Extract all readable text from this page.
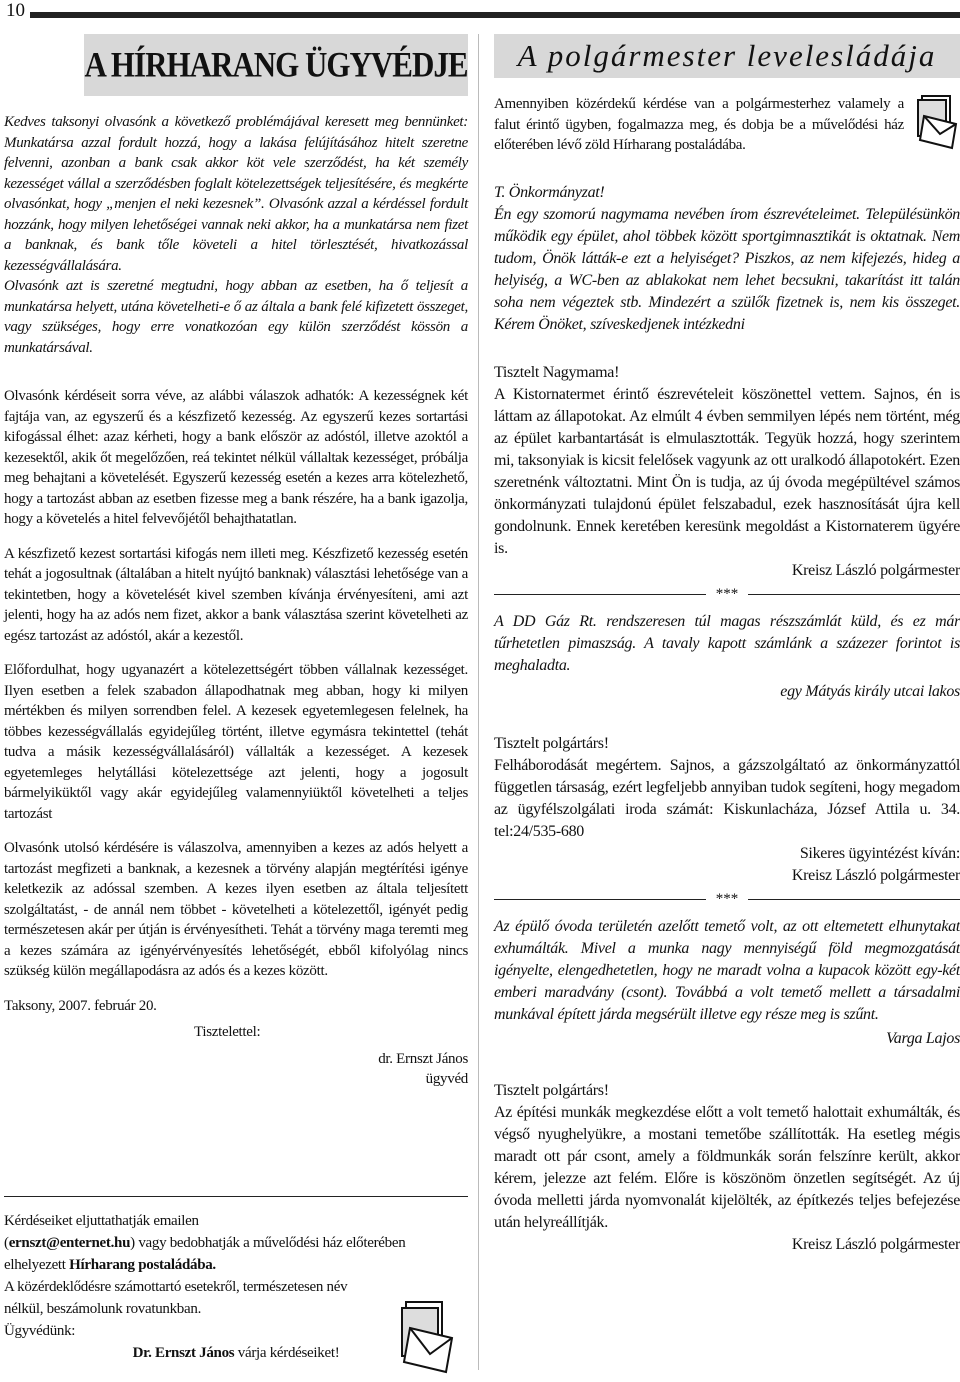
10
A HÍRHARANG ÜGYVÉDJE

Kedves taksonyi olvasónk a következő problémájával keresett meg bennünket: Munkatársa azzal fordult hozzá, hogy a lakása felújításához hitelt szeretne felvenni, azonban a bank csak akkor köt vele szerződést, ha két személy kezességet vállal a szerződésben foglalt kötelezettségek teljesítésére, és megkérte olvasónkat, hogy „menjen el neki kezesnek”. Olvasónk azzal a kérdéssel fordult hozzánk, hogy milyen lehetőségei vannak neki akkor, ha a munkatársa nem fizet a banknak, és bank tőle követeli a hitel törlesztését, hivatkozással kezességvállalására.

Olvasónk azt is szeretné megtudni, hogy abban az esetben, ha ő teljesít a munkatársa helyett, utána követelheti-e ő az általa a bank felé kifizetett összeget, vagy szükséges, hogy erre vonatkozóan egy külön szerződést kössön a munkatársával.

Olvasónk kérdéseit sorra véve, az alábbi válaszok adhatók: A kezességnek két fajtája van, az egyszerű és a készfizető kezesség. Az egyszerű kezes sortartási kifogással élhet: azaz kérheti, hogy a bank először az adóstól, illetve azoktól a kezesektől, akik őt megelőzően, reá tekintet nélkül vállaltak kezességet, próbálja meg behajtani a követelését. Egyszerű kezesség esetén a kezes arra kötelezhető, hogy a tartozást abban az esetben fizesse meg a bank részére, ha a bank igazolja, hogy a követelés a hitel felvevőjétől behajthatatlan.

A készfizető kezest sortartási kifogás nem illeti meg. Készfizető kezesség esetén tehát a jogosultnak (általában a hitelt nyújtó banknak) választási lehetősége van a tekintetben, hogy a követelését kivel szemben kívánja érvényesíteni, ami azt jelenti, hogy ha az adós nem fizet, akkor a bank választása szerint követelheti az egész tartozást az adóstól, akár a kezestől.

Előfordulhat, hogy ugyanazért a kötelezettségért többen vállalnak kezességet. Ilyen esetben a felek szabadon állapodhatnak meg abban, hogy ki milyen mértékben és milyen sorrendben felel. A kezesek egyetemlegesen felelnek, ha többes kezességvállalás egyidejűleg történt, illetve egymásra tekintettel (tehát tudva a másik kezességvállalásáról) vállalták a kezességet. A kezesek egyetemleges helytállási kötelezettsége azt jelenti, hogy a jogosult bármelyiküktől vagy akár egyidejűleg valamennyiüktől követelheti a teljes tartozást

Olvasónk utolsó kérdésére is válaszolva, amennyiben a kezes az adós helyett a tartozást megfizeti a banknak, a kezesnek a törvény alapján megtérítési igénye keletkezik az adóssal szemben. A kezes ilyen esetben az általa teljesített szolgáltatást, - de annál nem többet - követelheti a kötelezettől, igényét pedig természetesen akár per útján is érvényesítheti. Tehát a törvény maga teremti meg a kezes számára az igényérvényesítés lehetőségét, ebből kifolyólag nincs szükség külön megállapodásra az adós és a kezes között.

Taksony, 2007. február 20.

Tisztelettel:

dr. Ernszt János

ügyvéd

Kérdéseiket eljuttathatják emailen

(ernszt@enternet.hu) vagy bedobhatják a művelődési ház előterében

elhelyezett Hírharang postaládába.

A közérdeklődésre számottartó esetekről, természetesen név

nélkül, beszámolunk rovatunkban.

Ügyvédünk:

Dr. Ernszt János várja kérdéseiket!

A polgármester levelesládája

Amennyiben közérdekű kérdése van a polgármesterhez valamely a falut érintő ügyben, fogalmazza meg, és dobja be a művelődési ház előterében lévő zöld Hírharang postaládába.

T. Önkormányzat!

Én egy szomorú nagymama nevében írom észrevételeimet. Településünkön működik egy épület, ahol többek között sportgimnasztikát is oktatnak. Nem tudom, Önök látták-e ezt a helyiséget? Piszkos, az nem kifejezés, hideg a helyiség, a WC-ben az ablakokat nem lehet becsukni, takarítást itt talán soha nem végeztek stb. Mindezért a szülők fizetnek is, nem kis összeget. Kérem Önöket, szíveskedjenek intézkedni

Tisztelt Nagymama!

A Kistornatermet érintő észrevételeit köszönettel vettem. Sajnos, én is láttam az állapotokat. Az elmúlt 4 évben semmilyen lépés nem történt, még az épület karbantartását is elmulasztották. Tegyük hozzá, hogy szerintem mi, taksonyiak is kicsit felelősek vagyunk az ott uralkodó állapotokért. Ezen szeretnénk változtatni. Mint Ön is tudja, az új óvoda megépültével számos önkormányzati tulajdonú épület felszabadul, ezek hasznosítását újra kell gondolnunk. Ennek keretében keresünk megoldást a Kistornaterem ügyére is.

Kreisz László polgármester

***

A DD Gáz Rt. rendszeresen túl magas részszámlát küld, és ez már tűrhetetlen pimaszság. A tavaly kapott számlánk a százezer forintot is meghaladta.

egy Mátyás király utcai lakos

Tisztelt polgártárs!

Felháborodását megértem. Sajnos, a gázszolgáltató az önkormányzattól független társaság, ezért legfeljebb annyiban tudok segíteni, hogy megadom az ügyfélszolgálati iroda számát: Kiskunlacháza, József Attila u. 34. tel:24/535-680

Sikeres ügyintézést kíván:

Kreisz László polgármester

***

Az épülő óvoda területén azelőtt temető volt, az ott eltemetett elhunytakat exhumálták. Mivel a munka nagy mennyiségű föld megmozgatását igényelte, elengedhetetlen, hogy ne maradt volna a kupacok között egy-két emberi maradvány (csont). Továbbá a volt temető mellett a társadalmi munkával épített járda megsérült illetve egy része meg is szűnt.

Varga Lajos

Tisztelt polgártárs!

Az építési munkák megkezdése előtt a volt temető halottait exhumálták, és végső nyughelyükre, a mostani temetőbe szállították. Ha esetleg mégis maradt ott pár csont, amely a földmunkák során felszínre került, akkor kérem, jelezze azt felém. Előre is köszönöm önzetlen segítségét. Az új óvoda melletti járda nyomvonalát kijelölték, az építkezés teljes befejezése után helyreállítják.

Kreisz László polgármester
